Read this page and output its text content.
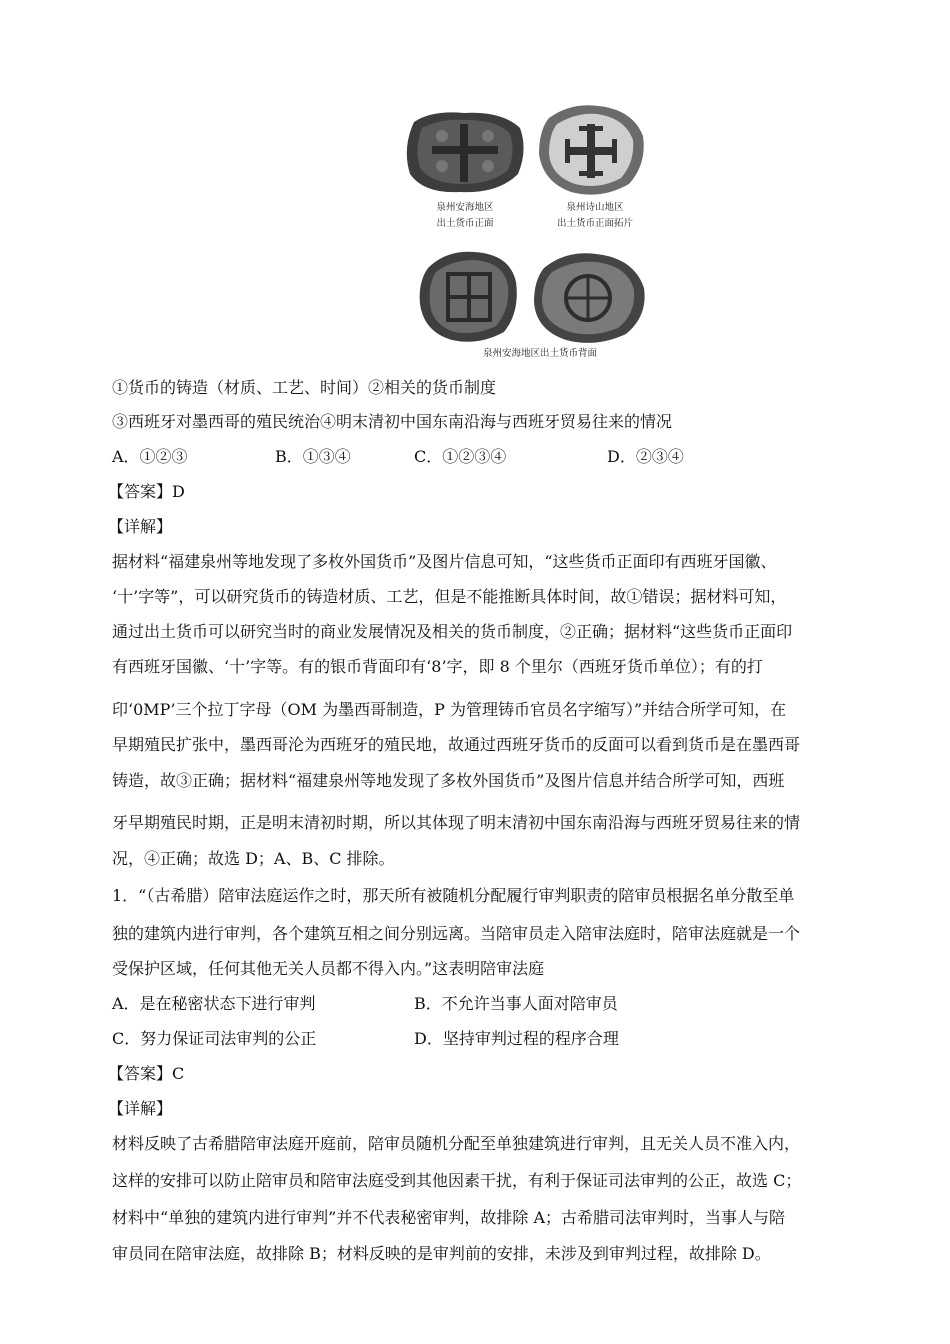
泉州安海地区
出土货币正面
泉州诗山地区
出土货币正面拓片
泉州安海地区出土货币背面
①货币的铸造（材质、工艺、时间）②相关的货币制度
③西班牙对墨西哥的殖民统治④明末清初中国东南沿海与西班牙贸易往来的情况
A．①②③	B．①③④	C．①②③④	D．②③④
【答案】D
【详解】
据材料“福建泉州等地发现了多枚外国货币”及图片信息可知，“这些货币正面印有西班牙国徽、
‘十’字等”，可以研究货币的铸造材质、工艺，但是不能推断具体时间，故①错误；据材料可知，
通过出土货币可以研究当时的商业发展情况及相关的货币制度，②正确；据材料“这些货币正面印
有西班牙国徽、‘十’字等。有的银币背面印有‘8’字，即 8 个里尔（西班牙货币单位）；有的打
印‘0MP’三个拉丁字母（OM 为墨西哥制造，P 为管理铸币官员名字缩写）”并结合所学可知，在
早期殖民扩张中，墨西哥沦为西班牙的殖民地，故通过西班牙货币的反面可以看到货币是在墨西哥
铸造，故③正确；据材料“福建泉州等地发现了多枚外国货币”及图片信息并结合所学可知，西班
牙早期殖民时期，正是明末清初时期，所以其体现了明末清初中国东南沿海与西班牙贸易往来的情
况，④正确；故选 D；A、B、C 排除。
1．“（古希腊）陪审法庭运作之时，那天所有被随机分配履行审判职责的陪审员根据名单分散至单
独的建筑内进行审判，各个建筑互相之间分别远离。当陪审员走入陪审法庭时，陪审法庭就是一个
受保护区域，任何其他无关人员都不得入内。”这表明陪审法庭
A．是在秘密状态下进行审判	B．不允许当事人面对陪审员
C．努力保证司法审判的公正	D．坚持审判过程的程序合理
【答案】C
【详解】
材料反映了古希腊陪审法庭开庭前，陪审员随机分配至单独建筑进行审判，且无关人员不准入内，
这样的安排可以防止陪审员和陪审法庭受到其他因素干扰，有利于保证司法审判的公正，故选 C；
材料中“单独的建筑内进行审判”并不代表秘密审判，故排除 A；古希腊司法审判时，当事人与陪
审员同在陪审法庭，故排除 B；材料反映的是审判前的安排，未涉及到审判过程，故排除 D。
